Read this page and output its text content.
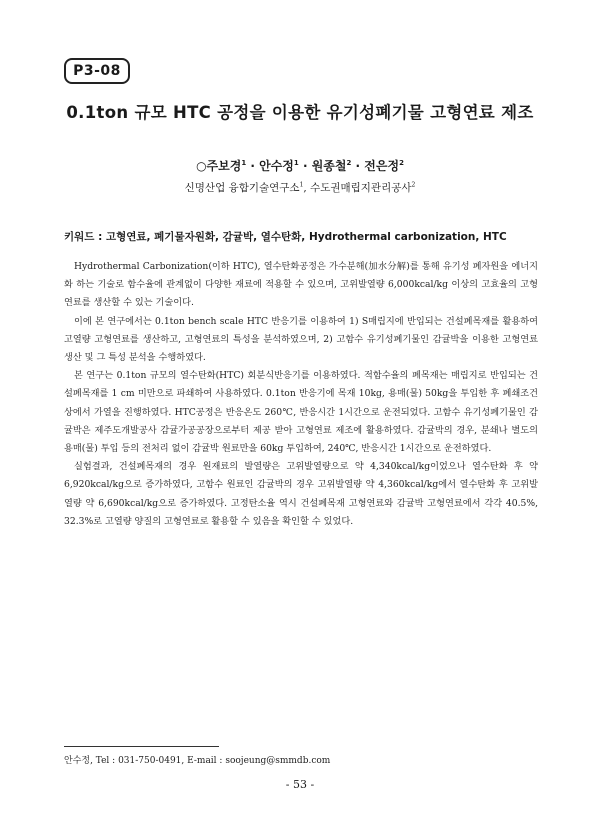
P3-08
0.1ton 규모 HTC 공정을 이용한 유기성폐기물 고형연료 제조
○주보경$^1$ · 안수정$^1$ · 원종철$^2$ · 전은정$^2$
신명산업 융합기술연구소$^1$, 수도권매립지관리공사$^2$
키워드 : 고형연료, 폐기물자원화, 감귤박, 열수탄화, Hydrothermal carbonization, HTC

Hydrothermal Carbonization(이하 HTC), 열수탄화공정은 가수분해(加水分解)를 통해 유기성 폐자원을 에너지화 하는 기술로 함수율에 관계없이 다양한 재료에 적용할 수 있으며, 고위발열량 6,000kcal/kg 이상의 고효율의 고형연료를 생산할 수 있는 기술이다.

이에 본 연구에서는 0.1ton bench scale HTC 반응기를 이용하여 1) S매립지에 반입되는 건설폐목재를 활용하여 고열량 고형연료를 생산하고, 고형연료의 특성을 분석하였으며, 2) 고함수 유기성폐기물인 감귤박을 이용한 고형연료 생산 및 그 특성 분석을 수행하였다.

본 연구는 0.1ton 규모의 열수탄화(HTC) 회분식반응기를 이용하였다. 적함수율의 폐목재는 매립지로 반입되는 건설폐목재를 1 cm 미만으로 파쇄하여 사용하였다. 0.1ton 반응기에 목재 10kg, 용매(물) 50kg을 투입한 후 폐쇄조건 상에서 가열을 진행하였다. HTC공정은 반응온도 260℃, 반응시간 1시간으로 운전되었다. 고함수 유기성폐기물인 감귤박은 제주도개발공사 감귤가공공장으로부터 제공 받아 고형연료 제조에 활용하였다. 감귤박의 경우, 분쇄나 별도의 용매(물) 투입 등의 전처리 없이 감귤박 원료만을 60kg 투입하여, 240℃, 반응시간 1시간으로 운전하였다.

실험결과, 건설폐목재의 경우 원재료의 발열량은 고위발열량으로 약 4,340kcal/kg이었으나 열수탄화 후 약 6,920kcal/kg으로 증가하였다, 고함수 원료인 감귤박의 경우 고위발열량 약 4,360kcal/kg에서 열수탄화 후 고위발열량 약 6,690kcal/kg으로 증가하였다. 고정탄소율 역시 건설폐목재 고형연료와 감귤박 고형연료에서 각각 40.5%, 32.3%로 고열량 양질의 고형연료로 활용할 수 있음을 확인할 수 있었다.

안수정, Tel : 031-750-0491, E-mail : soojeung@smmdb.com
- 53 -
